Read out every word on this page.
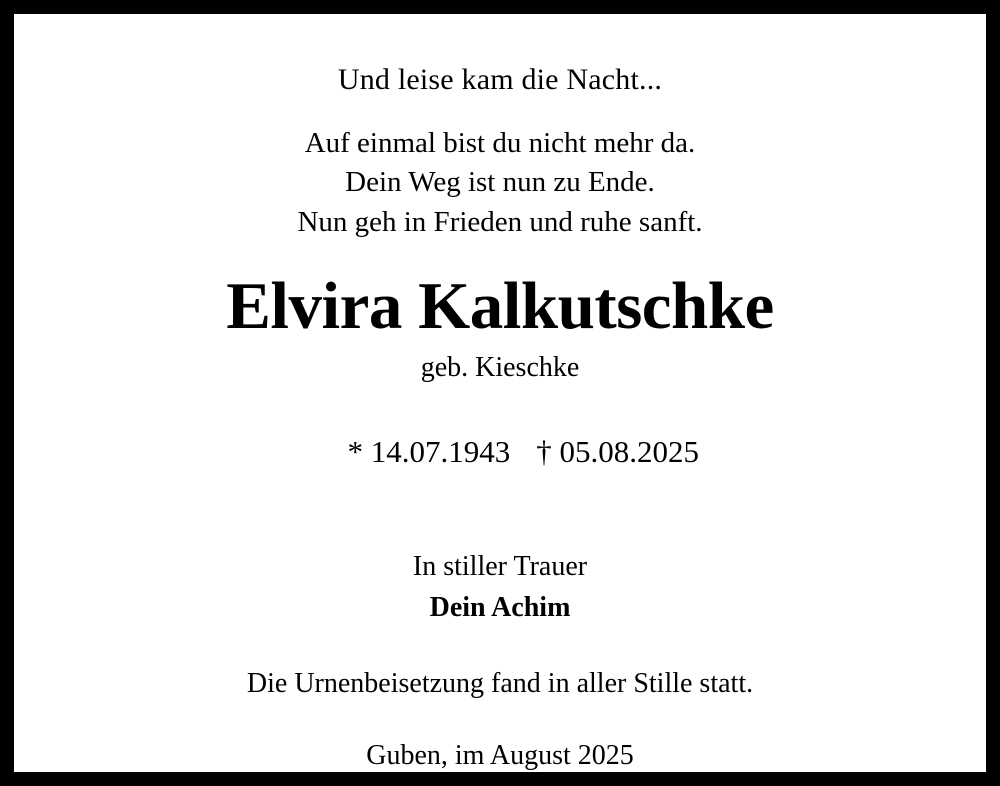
Und leise kam die Nacht...
Auf einmal bist du nicht mehr da.
Dein Weg ist nun zu Ende.
Nun geh in Frieden und ruhe sanft.
Elvira Kalkutschke
geb. Kieschke

* 14.07.1943 † 05.08.2025

In stiller Trauer
Dein Achim
Die Urnenbeisetzung fand in aller Stille statt.
Guben, im August 2025
